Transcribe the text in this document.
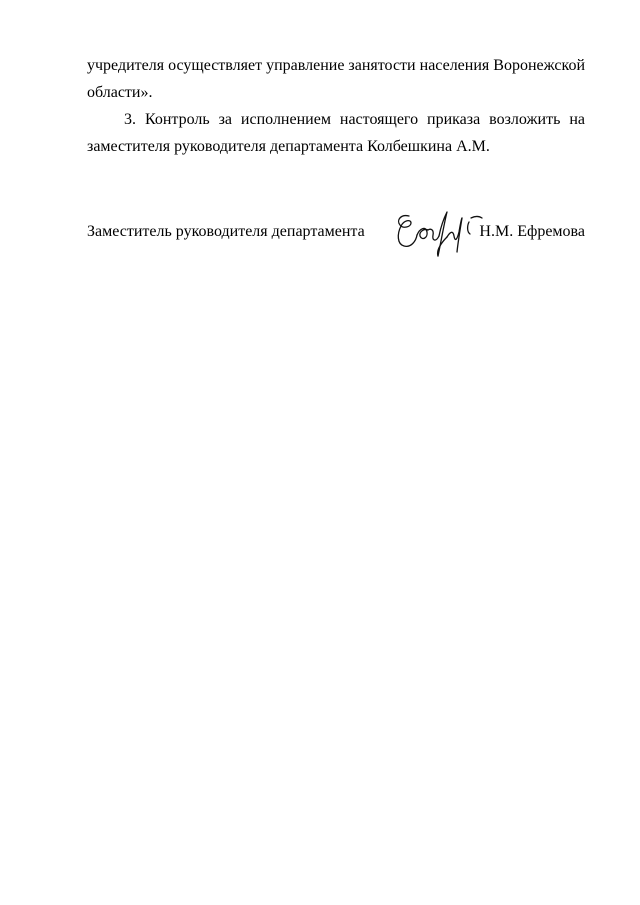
учредителя осуществляет управление занятости населения Воронежской области».
3. Контроль за исполнением настоящего приказа возложить на заместителя руководителя департамента Колбешкина А.М.
Заместитель руководителя департамента	Н.М. Ефремова
